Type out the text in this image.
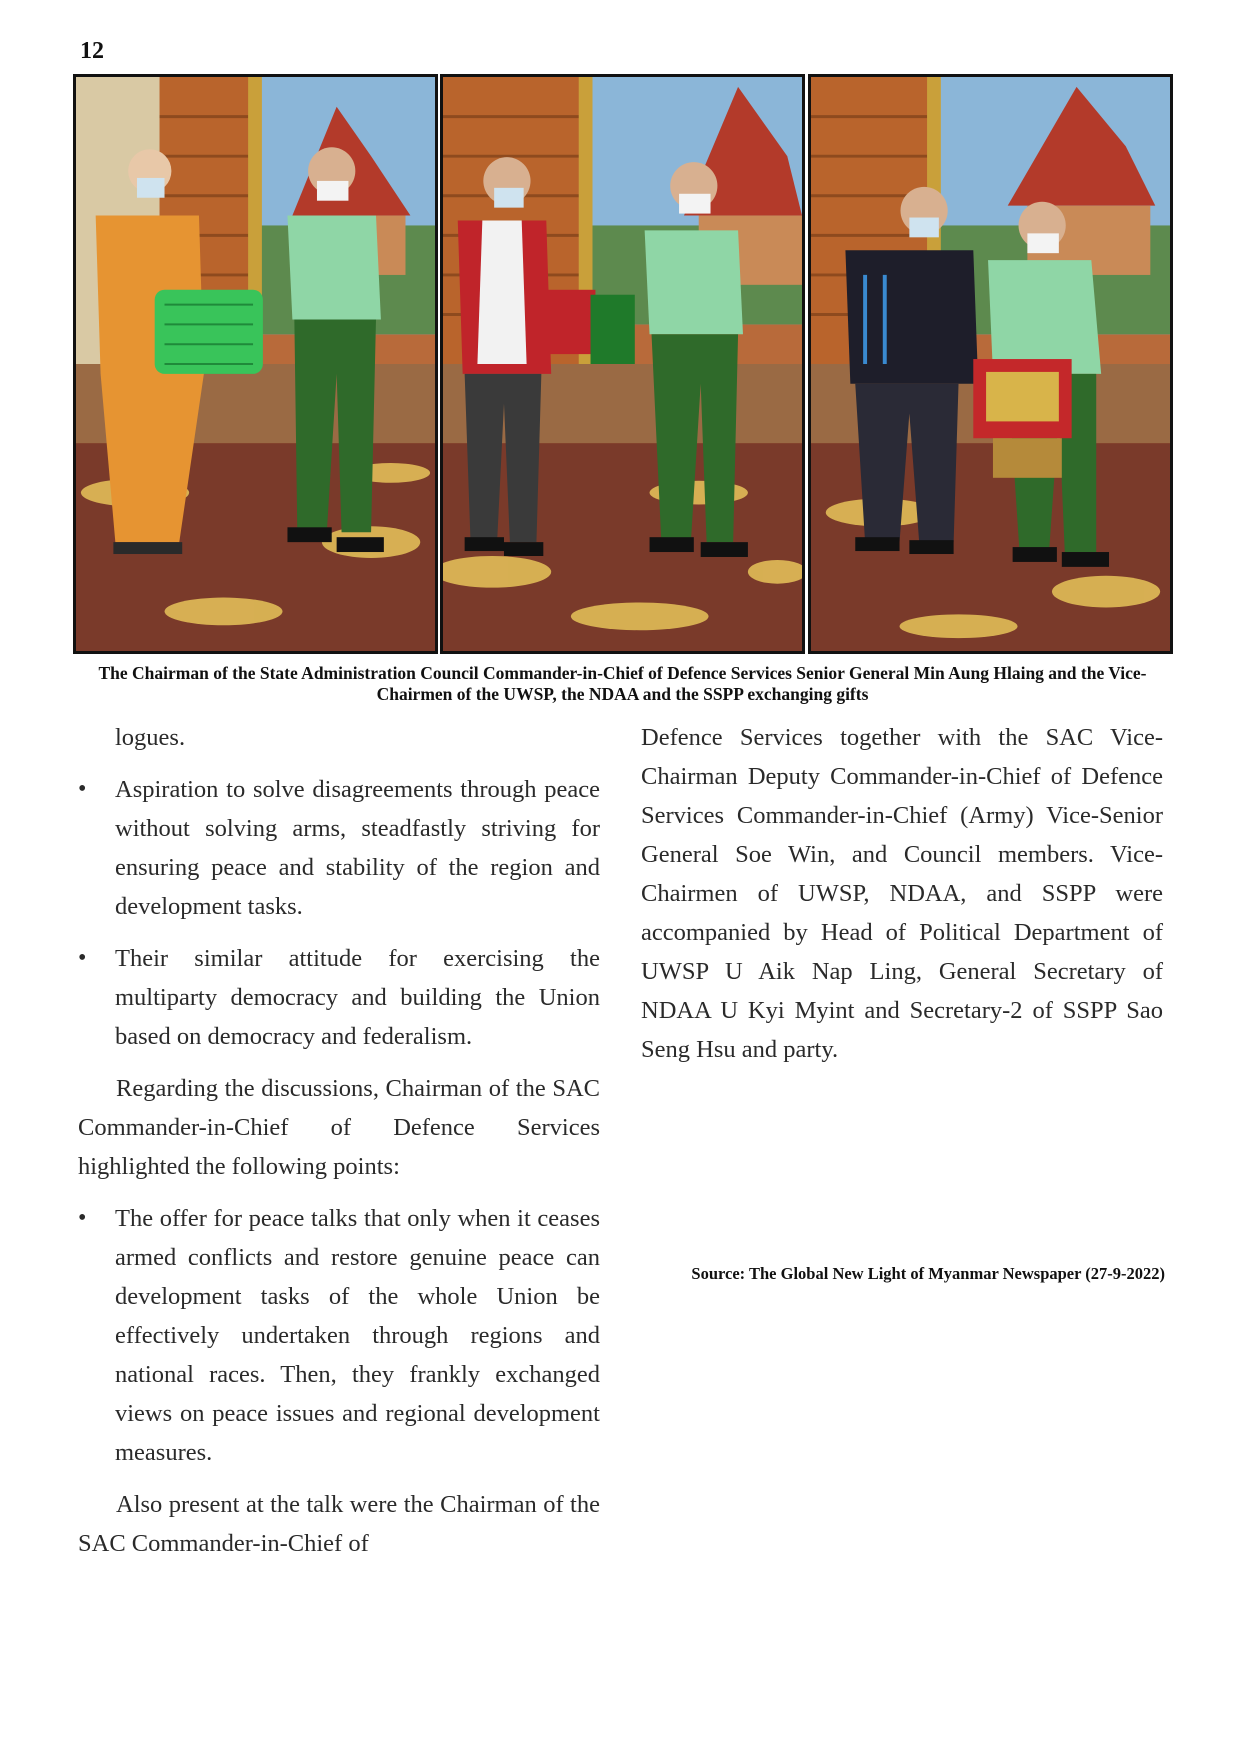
12
The Chairman of the State Administration Council Commander-in-Chief of Defence Services Senior General Min Aung Hlaing and the Vice-Chairmen of the UWSP, the NDAA and the SSPP exchanging gifts

logues.

• Aspiration to solve disagreements through peace without solving arms, steadfastly striving for ensuring peace and stability of the region and development tasks.
• Their similar attitude for exercising the multiparty democracy and building the Union based on democracy and federalism.

Regarding the discussions, Chairman of the SAC Commander-in-Chief of Defence Services highlighted the following points:

• The offer for peace talks that only when it ceases armed conflicts and restore genuine peace can development tasks of the whole Union be effectively undertaken through regions and national races. Then, they frankly exchanged views on peace issues and regional development measures.

Also present at the talk were the Chairman of the SAC Commander-in-Chief of

Defence Services together with the SAC Vice-Chairman Deputy Commander-in-Chief of Defence Services Commander-in-Chief (Army) Vice-Senior General Soe Win, and Council members. Vice-Chairmen of UWSP, NDAA, and SSPP were accompanied by Head of Political Department of UWSP U Aik Nap Ling, General Secretary of NDAA U Kyi Myint and Secretary-2 of SSPP Sao Seng Hsu and party.

Source: The Global New Light of Myanmar Newspaper (27-9-2022)
